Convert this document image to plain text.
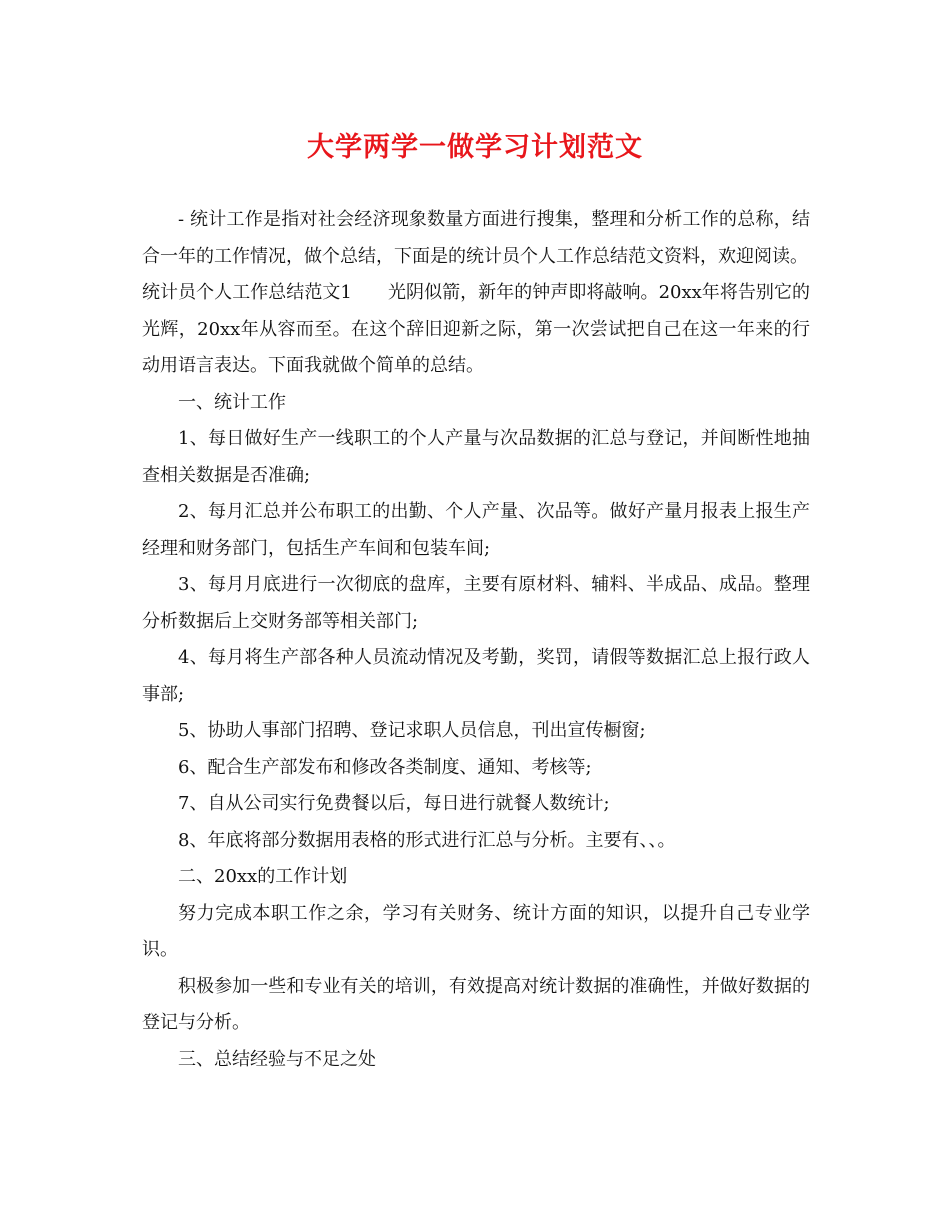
大学两学一做学习计划范文

- 统计工作是指对社会经济现象数量方面进行搜集，整理和分析工作的总称，结合一年的工作情况，做个总结，下面是的统计员个人工作总结范文资料，欢迎阅读。

统计员个人工作总结范文1　　光阴似箭，新年的钟声即将敲响。20xx年将告别它的光辉，20xx年从容而至。在这个辞旧迎新之际，第一次尝试把自己在这一年来的行动用语言表达。下面我就做个简单的总结。

一、统计工作

1、每日做好生产一线职工的个人产量与次品数据的汇总与登记，并间断性地抽查相关数据是否准确;

2、每月汇总并公布职工的出勤、个人产量、次品等。做好产量月报表上报生产经理和财务部门，包括生产车间和包装车间;

3、每月月底进行一次彻底的盘库，主要有原材料、辅料、半成品、成品。整理分析数据后上交财务部等相关部门;

4、每月将生产部各种人员流动情况及考勤，奖罚，请假等数据汇总上报行政人事部;

5、协助人事部门招聘、登记求职人员信息，刊出宣传橱窗;

6、配合生产部发布和修改各类制度、通知、考核等;

7、自从公司实行免费餐以后，每日进行就餐人数统计;

8、年底将部分数据用表格的形式进行汇总与分析。主要有、、。

二、20xx的工作计划

努力完成本职工作之余，学习有关财务、统计方面的知识，以提升自己专业学识。

积极参加一些和专业有关的培训，有效提高对统计数据的准确性，并做好数据的登记与分析。

三、总结经验与不足之处
